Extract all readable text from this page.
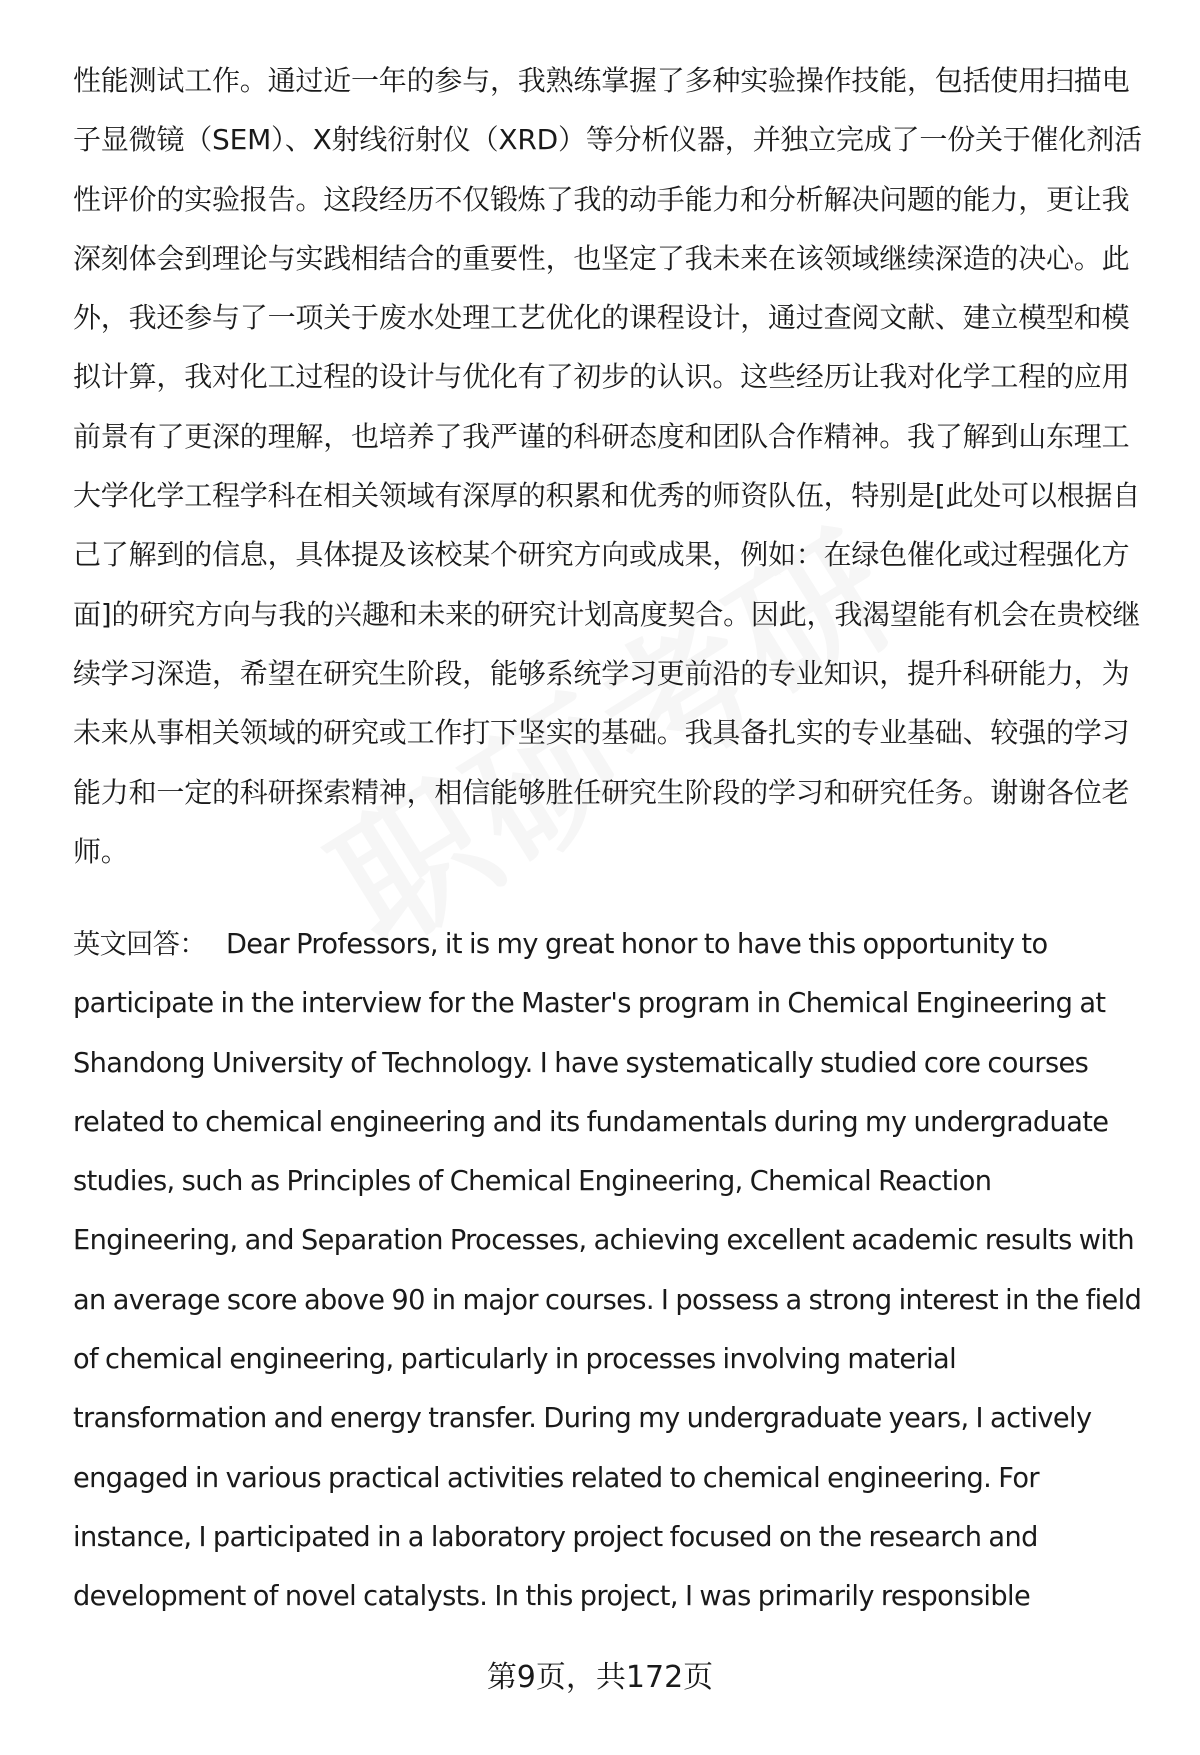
性能测试工作。通过近一年的参与，我熟练掌握了多种实验操作技能，包括使用扫描电子显微镜（SEM）、X射线衍射仪（XRD）等分析仪器，并独立完成了一份关于催化剂活性评价的实验报告。这段经历不仅锻炼了我的动手能力和分析解决问题的能力，更让我深刻体会到理论与实践相结合的重要性，也坚定了我未来在该领域继续深造的决心。此外，我还参与了一项关于废水处理工艺优化的课程设计，通过查阅文献、建立模型和模拟计算，我对化工过程的设计与优化有了初步的认识。这些经历让我对化学工程的应用前景有了更深的理解，也培养了我严谨的科研态度和团队合作精神。我了解到山东理工大学化学工程学科在相关领域有深厚的积累和优秀的师资队伍，特别是[此处可以根据自己了解到的信息，具体提及该校某个研究方向或成果，例如：在绿色催化或过程强化方面]的研究方向与我的兴趣和未来的研究计划高度契合。因此，我渴望能有机会在贵校继续学习深造，希望在研究生阶段，能够系统学习更前沿的专业知识，提升科研能力，为未来从事相关领域的研究或工作打下坚实的基础。我具备扎实的专业基础、较强的学习能力和一定的科研探索精神，相信能够胜任研究生阶段的学习和研究任务。谢谢各位老师。

英文回答： Dear Professors, it is my great honor to have this opportunity to participate in the interview for the Master's program in Chemical Engineering at Shandong University of Technology. I have systematically studied core courses related to chemical engineering and its fundamentals during my undergraduate studies, such as Principles of Chemical Engineering, Chemical Reaction Engineering, and Separation Processes, achieving excellent academic results with an average score above 90 in major courses. I possess a strong interest in the field of chemical engineering, particularly in processes involving material transformation and energy transfer. During my undergraduate years, I actively engaged in various practical activities related to chemical engineering. For instance, I participated in a laboratory project focused on the research and development of novel catalysts. In this project, I was primarily responsible

第9页，共172页
